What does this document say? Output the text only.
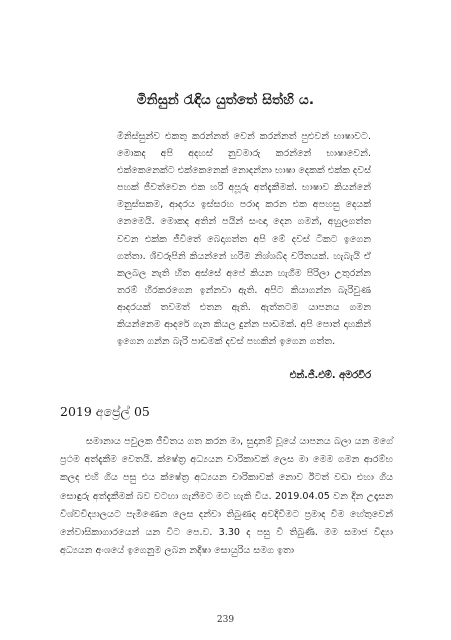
මිනිසුන් රැඳිය යුත්තේ සිත්හි ය.

මිනිස්සුන්ව එකතු කරන්නත් වෙන් කරන්නත් පුළුවන් භාෂාවට. මොකද අපි අදහස් නුවමාරු කරන්නේ භාෂාවෙන්. එක්කෙනෙක්ට එක්කෙනෙක් නොදන්නා භාෂා දෙකක් එක්ක දවස් පහක් ජීවත්වෙන එක හරි අපූරු අත්දැකීමක්. භාෂාව කියන්නේ මනුස්සකම, ආදරය ඉස්සරහ පරාද කරන එක අපහසු දෙයක් නෙමෙයි. මොකද අතින් පයින් සංඥා දෙන ගමන්, අහුලගත්ත වචන එක්ක ජීවිතේ බෙදාගත්ත අපි මේ දවස් ටිකට ඉගෙන ගත්තා. ශිවරූපිනි කියන්නේ හරිම නිශ්ශබ්ද චරිතයක්. හැබැයි ඒ කලබල නැති හිත අස්සේ අපේ කියන හැගීම පිරිලා උතුරන්න තරම් හීරකරගෙන ඉන්නවා ඇති. අපිට කියාගන්න බැරිවුණ ආදරයක් තවමත් එතන ඇති. ඇත්තටම යාපනය ගමන කියන්නෙම ආදරේ ගැන කියල දුන්න පාඩමක්. අපි පොත් දාහකින් ඉගෙන ගන්න බැරි පාඩමක් දවස් පහකින් ඉගෙන ගත්ත.

එන්.ජී.එම්. අමරවීර
2019 අප්‍රේල් 05

සමානාය පවුලක ජීවිතය ගත කරන මා, සුදානම් වූයේ යාපනය බලා යන මගේ ප්‍රථම අත්දැකීම වෙතයි. ක්ෂේත්‍ර අධ්‍යයන චාරිකාවක් ලෙස මා මෙම ගමන ආරම්භ කලද එහි ගිය පසු එය ක්ෂේත්‍ර අධ්‍යයන චාරිකාවක් නොව ඊටත් වඩා එහා ගිය සොඳුරු අත්දැකීමක් බව වටහා ගැනීමට මට හැකි විය. 2019.04.05 වන දින උදෑසන විශ්වවිද්‍යාලයට පැමිණෙන ලෙස දන්වා තිබුණද අවදිවීමට ප්‍රමාද වීම හේතුවෙන් නේවාසිකාගාරයෙන් යන විට පෙ.ව. 3.30 ද පසු වී තිබුණි. මම සමාජ විද්‍යා අධ්‍යයන අංශයේ ඉගෙනුම ලබන නදීෂා සොයුරිය සමග ඉතා

239
